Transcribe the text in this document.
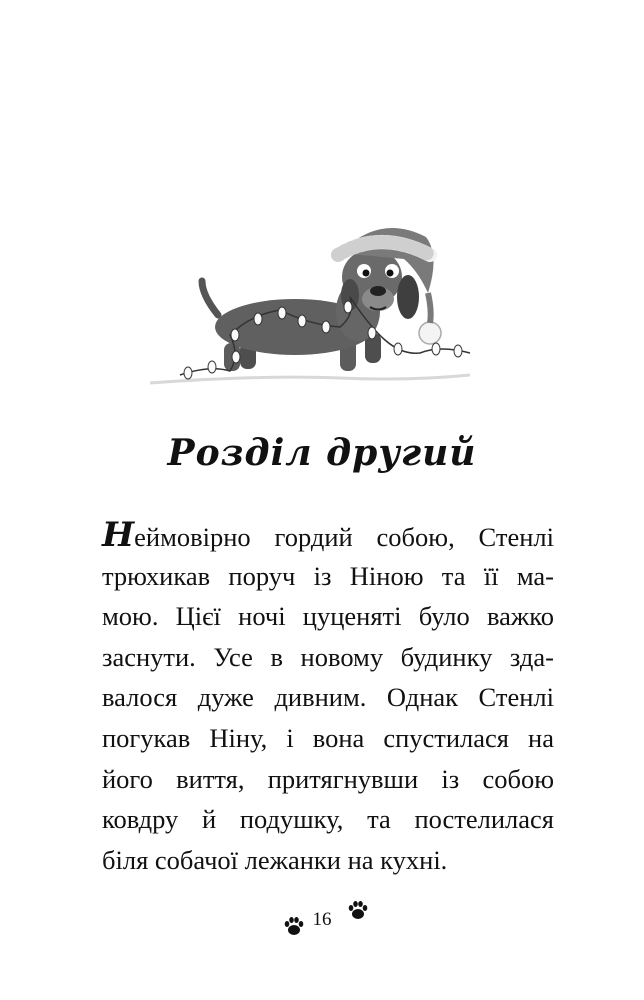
Розділ другий
Неймовірно гордий собою, Стенлі
трюхикав поруч із Ніною та її ма-
мою. Цієї ночі цуценяті було важко
заснути. Усе в новому будинку зда-
валося дуже дивним. Однак Стенлі
погукав Ніну, і вона спустилася на
його виття, притягнувши із собою
ковдру й подушку, та постелилася
біля собачої лежанки на кухні.
16
